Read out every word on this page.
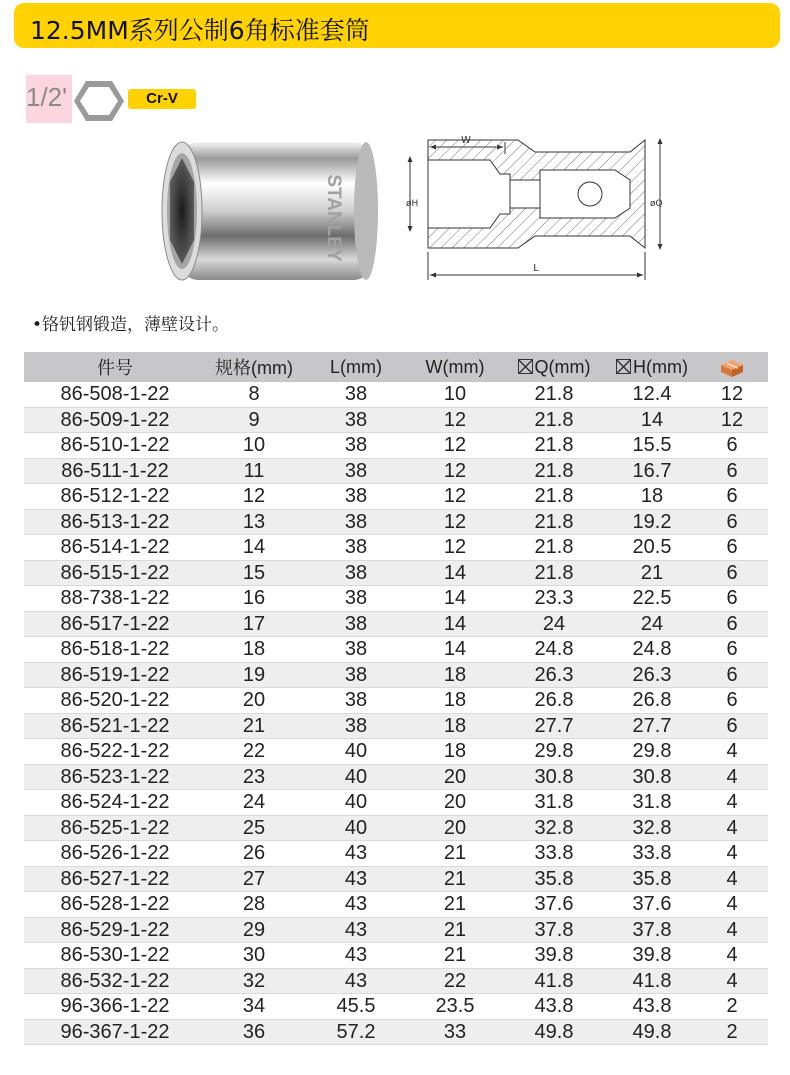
12.5MM系列公制6角标准套筒
1/2'	Cr-V
STANLEY	øH	øQ
L
•铬钒钢锻造，薄壁设计。
件号	规格(mm)	L(mm)	W(mm)	Q(mm)	H(mm)	
86-508-1-22	8	38	10	21.8	12.4	12
86-509-1-22	9	38	12	21.8	14	12
86-510-1-22	10	38	12	21.8	15.5	6
86-511-1-22	11	38	12	21.8	16.7	6
86-512-1-22	12	38	12	21.8	18	6
86-513-1-22	13	38	12	21.8	19.2	6
86-514-1-22	14	38	12	21.8	20.5	6
86-515-1-22	15	38	14	21.8	21	6
88-738-1-22	16	38	14	23.3	22.5	6
86-517-1-22	17	38	14	24	24	6
86-518-1-22	18	38	14	24.8	24.8	6
86-519-1-22	19	38	18	26.3	26.3	6
86-520-1-22	20	38	18	26.8	26.8	6
86-521-1-22	21	38	18	27.7	27.7	6
86-522-1-22	22	40	18	29.8	29.8	4
86-523-1-22	23	40	20	30.8	30.8	4
86-524-1-22	24	40	20	31.8	31.8	4
86-525-1-22	25	40	20	32.8	32.8	4
86-526-1-22	26	43	21	33.8	33.8	4
86-527-1-22	27	43	21	35.8	35.8	4
86-528-1-22	28	43	21	37.6	37.6	4
86-529-1-22	29	43	21	37.8	37.8	4
86-530-1-22	30	43	21	39.8	39.8	4
86-532-1-22	32	43	22	41.8	41.8	4
96-366-1-22	34	45.5	23.5	43.8	43.8	2
96-367-1-22	36	57.2	33	49.8	49.8	2
